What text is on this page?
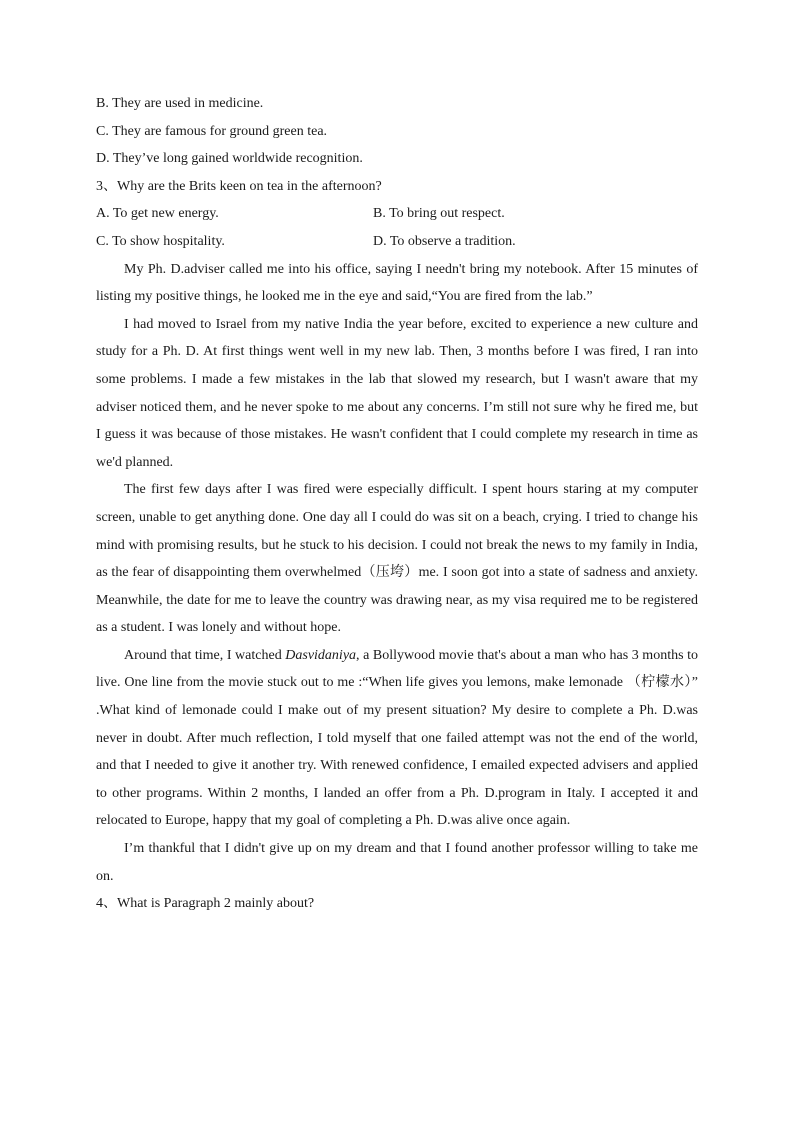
B. They are used in medicine.

C. They are famous for ground green tea.

D. They’ve long gained worldwide recognition.

3、Why are the Brits keen on tea in the afternoon?

A. To get new energy.	B. To bring out respect.
C. To show hospitality.	D. To observe a tradition.

My Ph. D.adviser called me into his office, saying I needn't bring my notebook. After 15 minutes of listing my positive things, he looked me in the eye and said,“You are fired from the lab.”

I had moved to Israel from my native India the year before, excited to experience a new culture and study for a Ph. D. At first things went well in my new lab. Then, 3 months before I was fired, I ran into some problems. I made a few mistakes in the lab that slowed my research, but I wasn't aware that my adviser noticed them, and he never spoke to me about any concerns. I’m still not sure why he fired me, but I guess it was because of those mistakes. He wasn't confident that I could complete my research in time as we'd planned.

The first few days after I was fired were especially difficult. I spent hours staring at my computer screen, unable to get anything done. One day all I could do was sit on a beach, crying. I tried to change his mind with promising results, but he stuck to his decision. I could not break the news to my family in India, as the fear of disappointing them overwhelmed（压垮）me. I soon got into a state of sadness and anxiety. Meanwhile, the date for me to leave the country was drawing near, as my visa required me to be registered as a student. I was lonely and without hope.

Around that time, I watched Dasvidaniya, a Bollywood movie that's about a man who has 3 months to live. One line from the movie stuck out to me :“When life gives you lemons, make lemonade （柠檬水）” .What kind of lemonade could I make out of my present situation? My desire to complete a Ph. D.was never in doubt. After much reflection, I told myself that one failed attempt was not the end of the world, and that I needed to give it another try. With renewed confidence, I emailed expected advisers and applied to other programs. Within 2 months, I landed an offer from a Ph. D.program in Italy. I accepted it and relocated to Europe, happy that my goal of completing a Ph. D.was alive once again.

I’m thankful that I didn't give up on my dream and that I found another professor willing to take me on.

4、What is Paragraph 2 mainly about?
